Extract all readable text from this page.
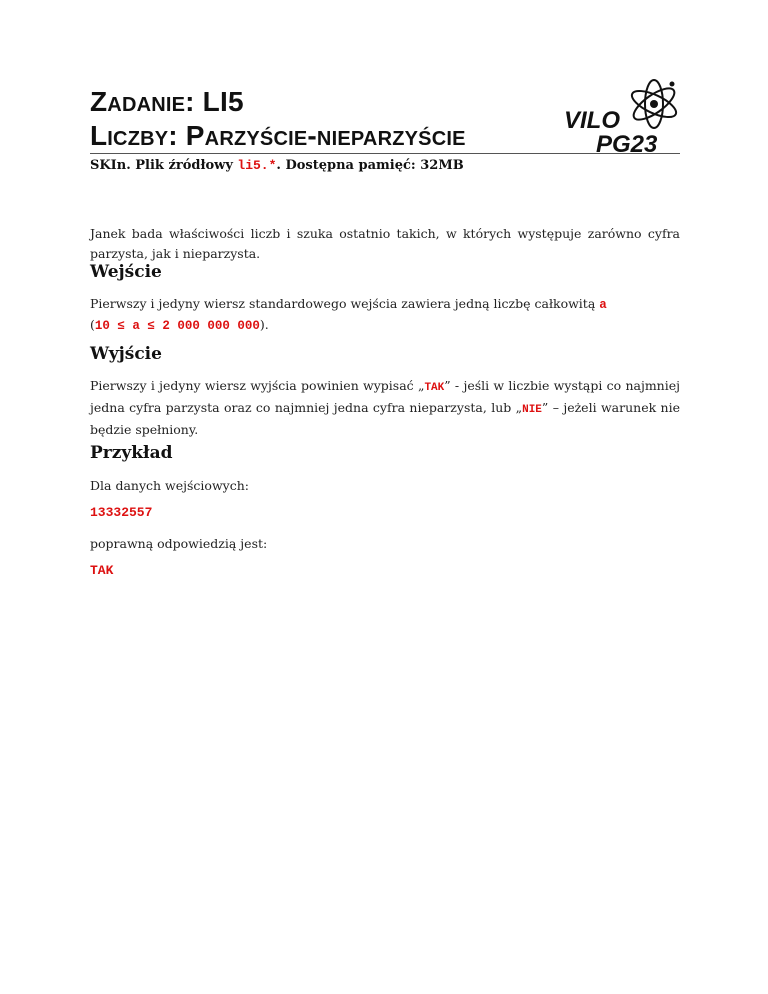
Zadanie: LI5
Liczby: Parzyście-nieparzyście	VILO
PG23
SKIn. Plik źródłowy li5.*. Dostępna pamięć: 32MB
Janek bada właściwości liczb i szuka ostatnio takich, w których występuje zarówno cyfra parzysta, jak i nieparzysta.
Wejście
Pierwszy i jedyny wiersz standardowego wejścia zawiera jedną liczbę całkowitą a
(10 ≤ a ≤ 2 000 000 000).
Wyjście
Pierwszy i jedyny wiersz wyjścia powinien wypisać „TAK” - jeśli w liczbie wystąpi co najmniej jedna cyfra parzysta oraz co najmniej jedna cyfra nieparzysta, lub „NIE” – jeżeli warunek nie będzie spełniony.
Przykład
Dla danych wejściowych:
13332557
poprawną odpowiedzią jest:
TAK
